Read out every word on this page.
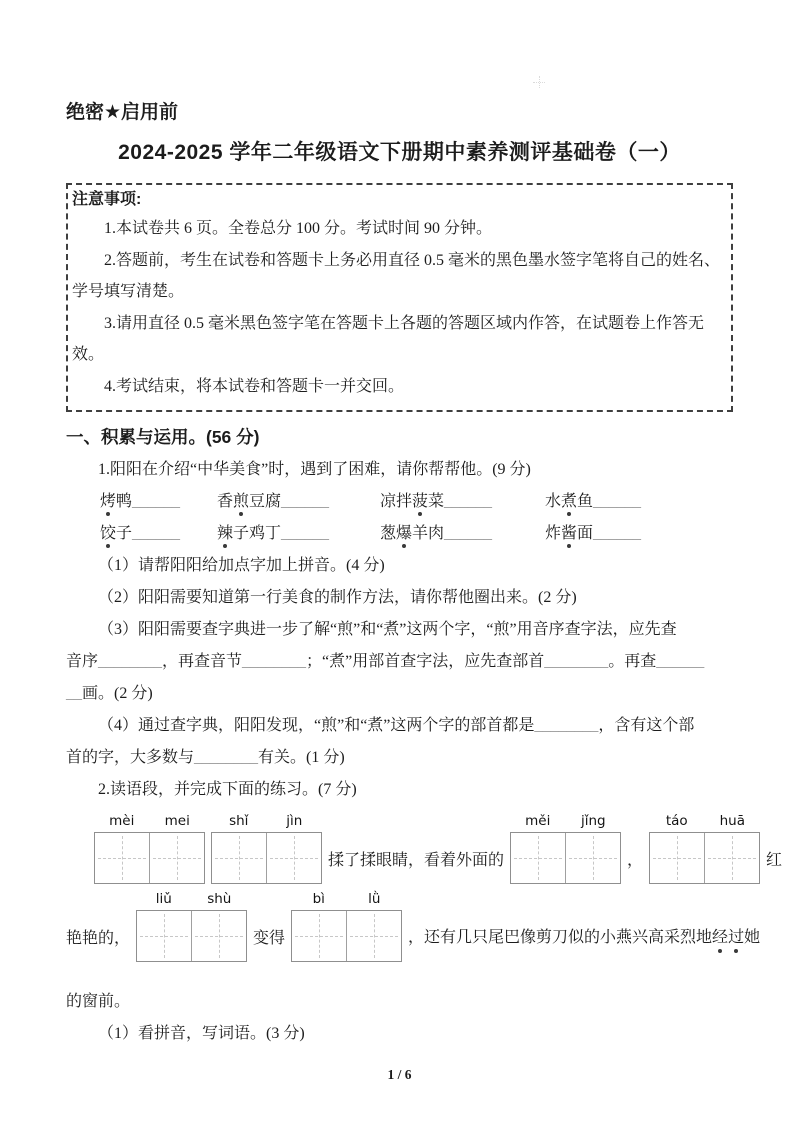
绝密★启用前
2024-2025 学年二年级语文下册期中素养测评基础卷（一）
注意事项:

1.本试卷共 6 页。全卷总分 100 分。考试时间 90 分钟。

2.答题前，考生在试卷和答题卡上务必用直径 0.5 毫米的黑色墨水签字笔将自己的姓名、

学号填写清楚。

3.请用直径 0.5 毫米黑色签字笔在答题卡上各题的答题区域内作答，在试题卷上作答无

效。

4.考试结束，将本试卷和答题卡一并交回。

一、积累与运用。(56 分)

1.阳阳在介绍“中华美食”时，遇到了困难，请你帮帮他。(9 分)

烤鸭______	香煎豆腐______	凉拌菠菜______	水煮鱼______
饺子______	辣子鸡丁______	葱爆羊肉______	炸酱面______

（1）请帮阳阳给加点字加上拼音。(4 分)

（2）阳阳需要知道第一行美食的制作方法，请你帮他圈出来。(2 分)

（3）阳阳需要查字典进一步了解“煎”和“煮”这两个字，“煎”用音序查字法，应先查

音序________，再查音节________；“煮”用部首查字法，应先查部首________。再查______

__画。(2 分)

（4）通过查字典，阳阳发现，“煎”和“煮”这两个字的部首都是________，含有这个部

首的字，大多数与________有关。(1 分)

2.读语段，并完成下面的练习。(7 分)

mèi	mei	shǐ	jìn
揉了揉眼睛，看着外面的
měi	jǐng
，
táo	huā
红
艳艳的，
liǔ	shù
变得
bì	lǜ
，还有几只尾巴像剪刀似的小燕兴高采烈地经过她

的窗前。

（1）看拼音，写词语。(3 分)

1 / 6
